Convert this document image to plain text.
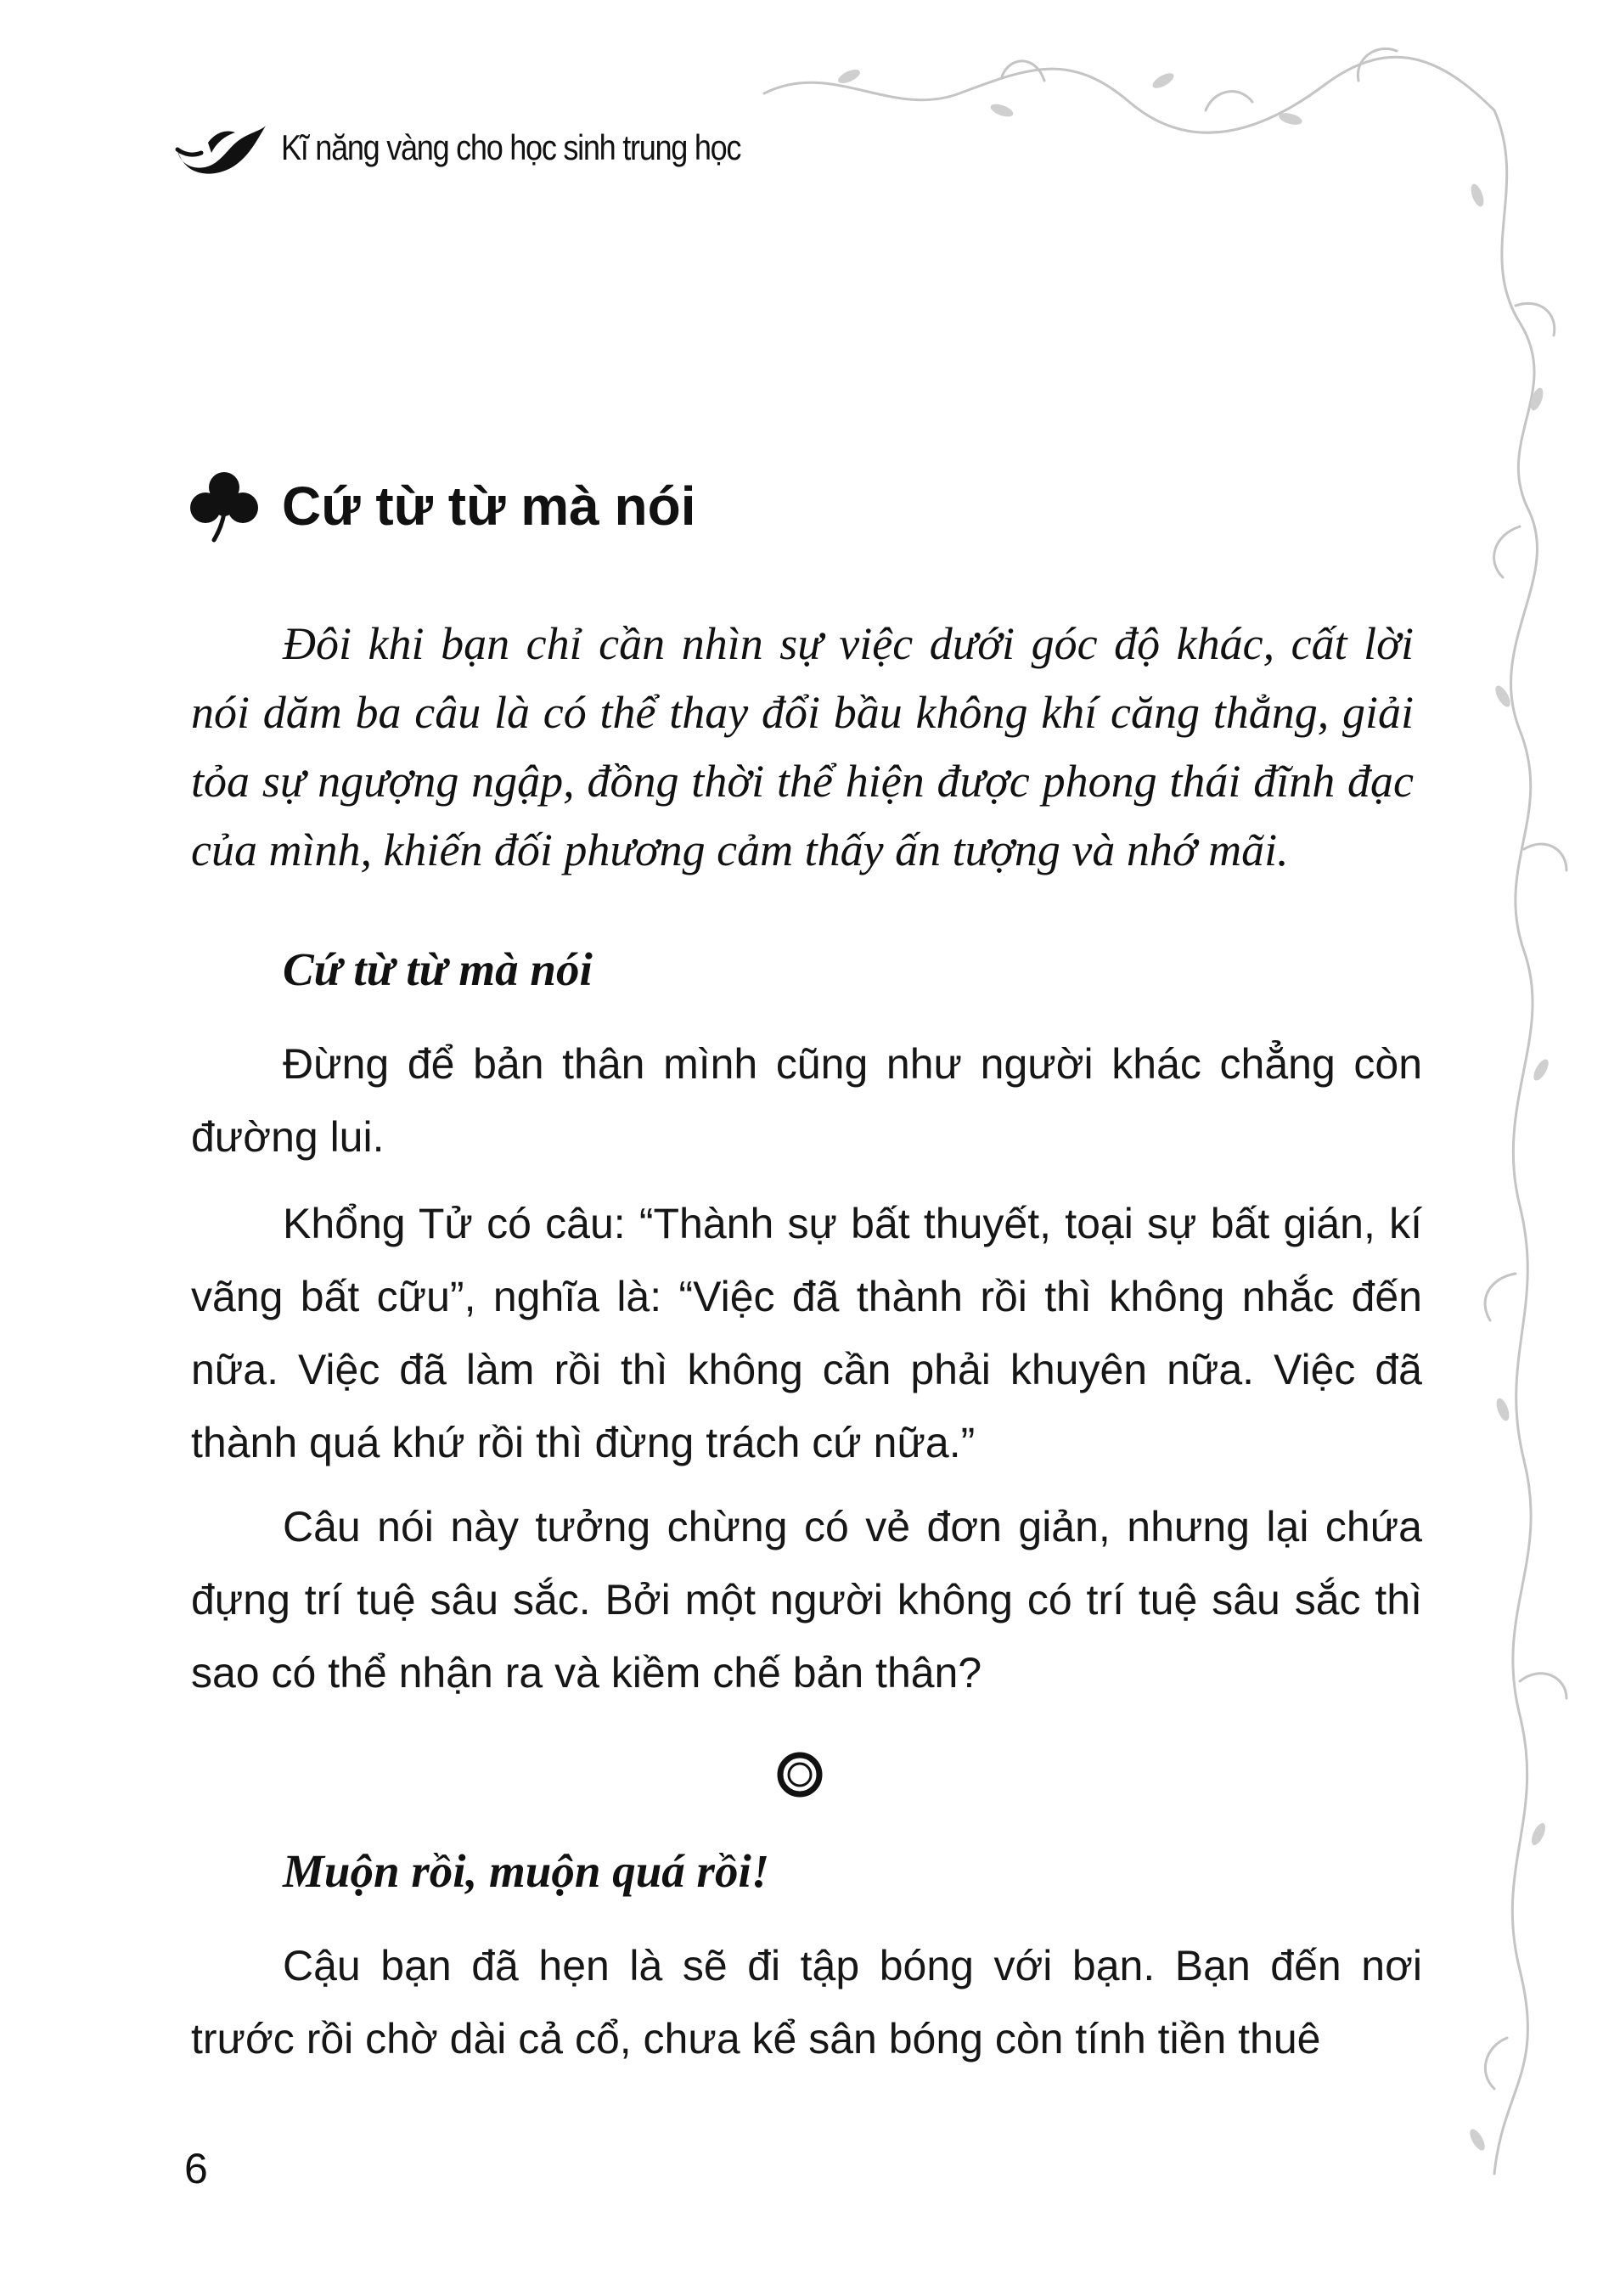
Kĩ năng vàng cho học sinh trung học
Cứ từ từ mà nói

Đôi khi bạn chỉ cần nhìn sự việc dưới góc độ khác, cất lời nói dăm ba câu là có thể thay đổi bầu không khí căng thẳng, giải tỏa sự ngượng ngập, đồng thời thể hiện được phong thái đĩnh đạc của mình, khiến đối phương cảm thấy ấn tượng và nhớ mãi.

Cứ từ từ mà nói

Đừng để bản thân mình cũng như người khác chẳng còn đường lui.

Khổng Tử có câu: “Thành sự bất thuyết, toại sự bất gián, kí vãng bất cữu”, nghĩa là: “Việc đã thành rồi thì không nhắc đến nữa. Việc đã làm rồi thì không cần phải khuyên nữa. Việc đã thành quá khứ rồi thì đừng trách cứ nữa.”

Câu nói này tưởng chừng có vẻ đơn giản, nhưng lại chứa đựng trí tuệ sâu sắc. Bởi một người không có trí tuệ sâu sắc thì sao có thể nhận ra và kiềm chế bản thân?

Muộn rồi, muộn quá rồi!

Cậu bạn đã hẹn là sẽ đi tập bóng với bạn. Bạn đến nơi trước rồi chờ dài cả cổ, chưa kể sân bóng còn tính tiền thuê

6
